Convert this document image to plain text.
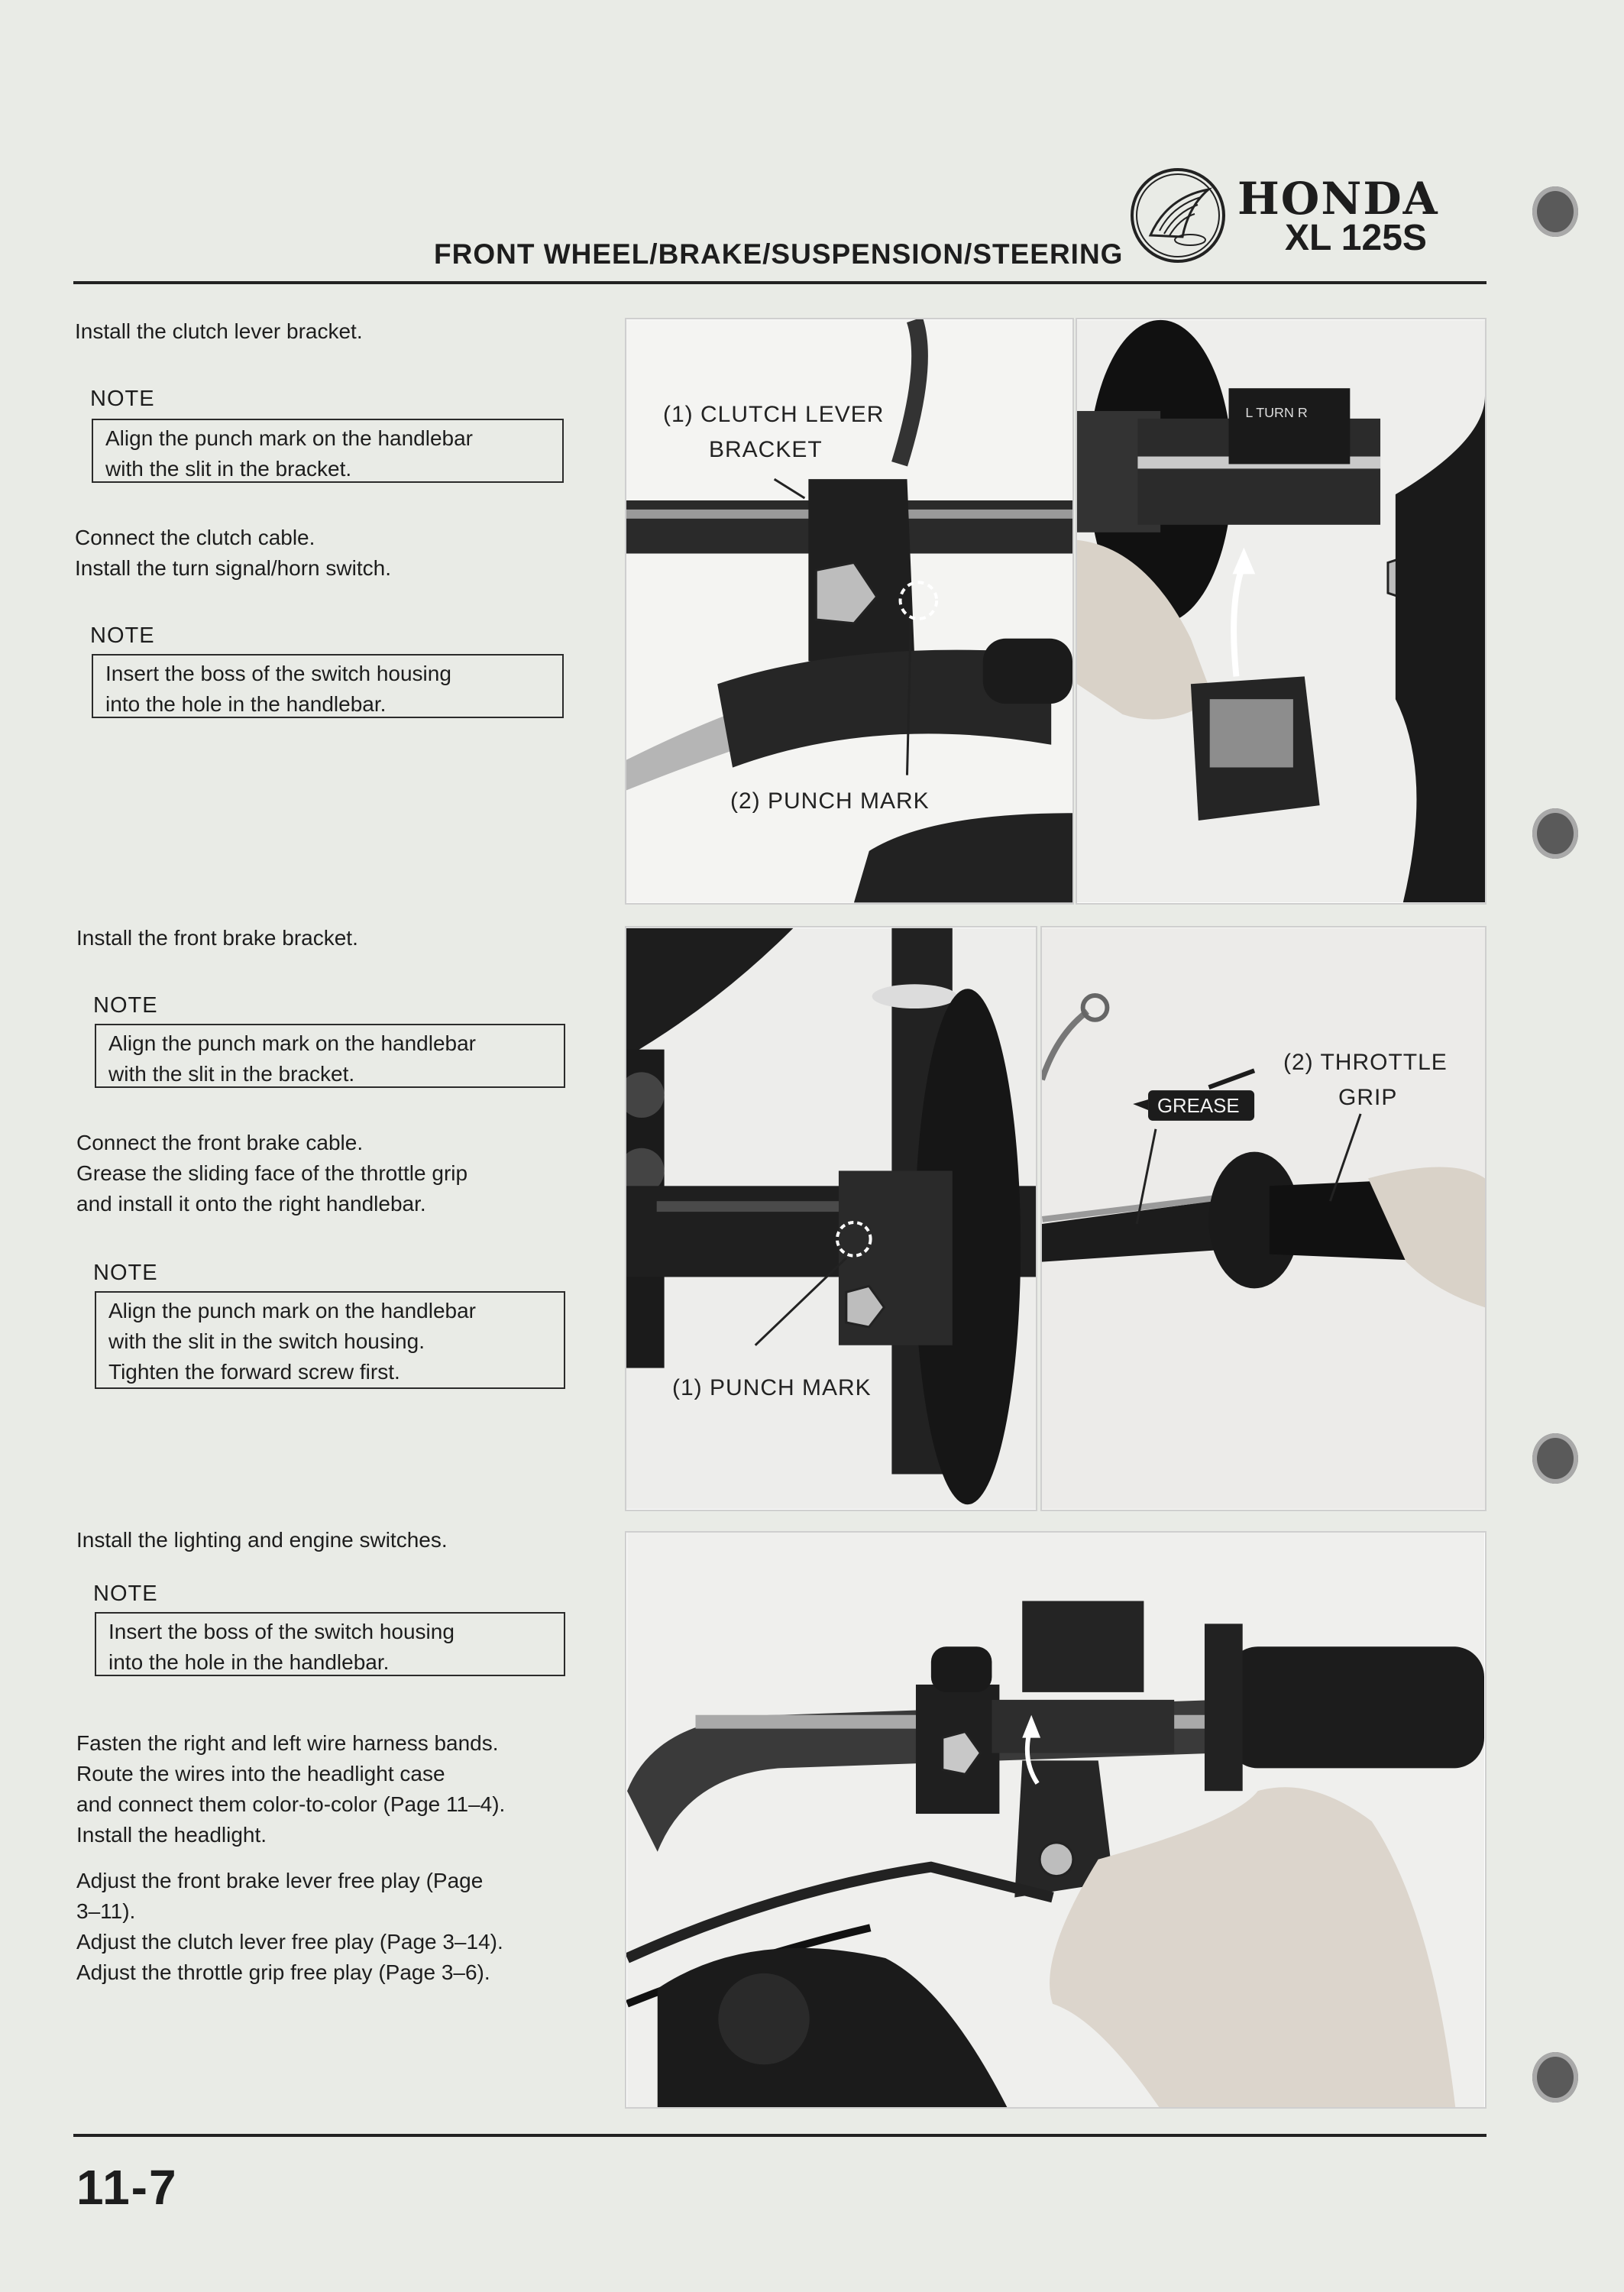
FRONT WHEEL/BRAKE/SUSPENSION/STEERING
HONDA
XL 125S
Install the clutch lever bracket.
NOTE
Align the punch mark on the handlebar
with the slit in the bracket.
Connect the clutch cable.
Install the turn signal/horn switch.
NOTE
Insert the boss of the switch housing
into the hole in the handlebar.
Install the front brake bracket.
NOTE
Align the punch mark on the handlebar
with the slit in the bracket.
Connect the front brake cable.
Grease the sliding face of the throttle grip
and install it onto the right handlebar.
NOTE
Align the punch mark on the handlebar
with the slit in the switch housing.
Tighten the forward screw first.
Install the lighting and engine switches.
NOTE
Insert the boss of the switch housing
into the hole in the handlebar.
Fasten the right and left wire harness bands.
Route the wires into the headlight case
and connect them color-to-color (Page 11–4).
Install the headlight.
Adjust the front brake lever free play (Page
3–11).
Adjust the clutch lever free play (Page 3–14).
Adjust the throttle grip free play (Page 3–6).
(1) CLUTCH LEVER
BRACKET
(2) PUNCH MARK
L TURN R
(1) PUNCH MARK
GREASE
(2) THROTTLE
GRIP
11-7
